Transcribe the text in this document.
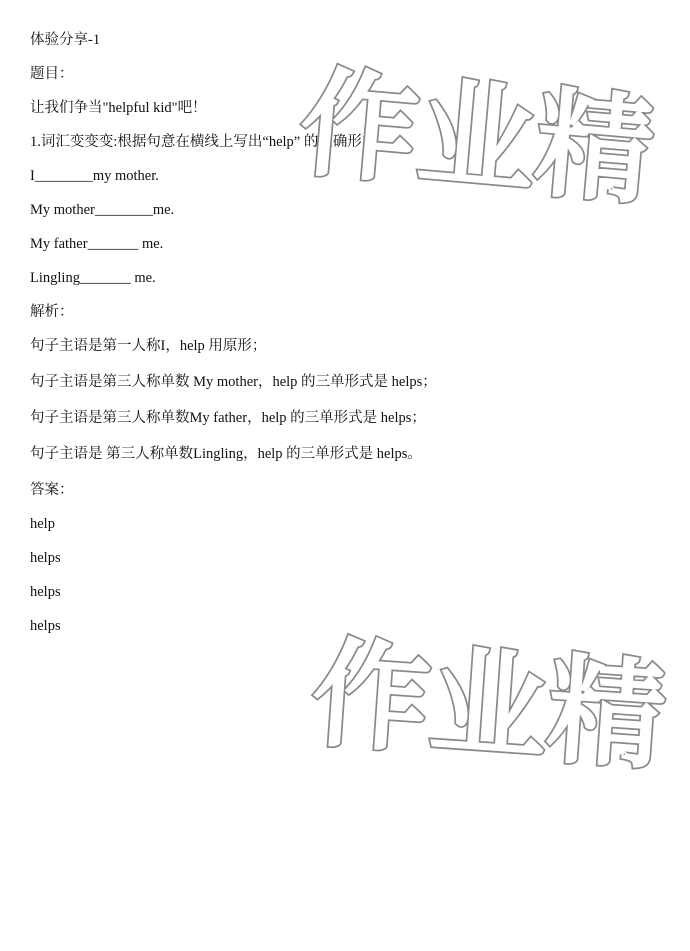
体验分享-1

题目：

让我们争当"helpful kid"吧！

1.词汇变变变:根据句意在横线上写出“help” 的正确形式。

I________my mother.

My mother________me.

My father_______ me.

Lingling_______ me.

解析：

句子主语是第一人称I，help 用原形；

句子主语是第三人称单数 My mother，help 的三单形式是 helps；

句子主语是第三人称单数My father，help 的三单形式是 helps；

句子主语是 第三人称单数Lingling，help 的三单形式是 helps。

答案：

help

helps

helps

helps

作业精
作业精
